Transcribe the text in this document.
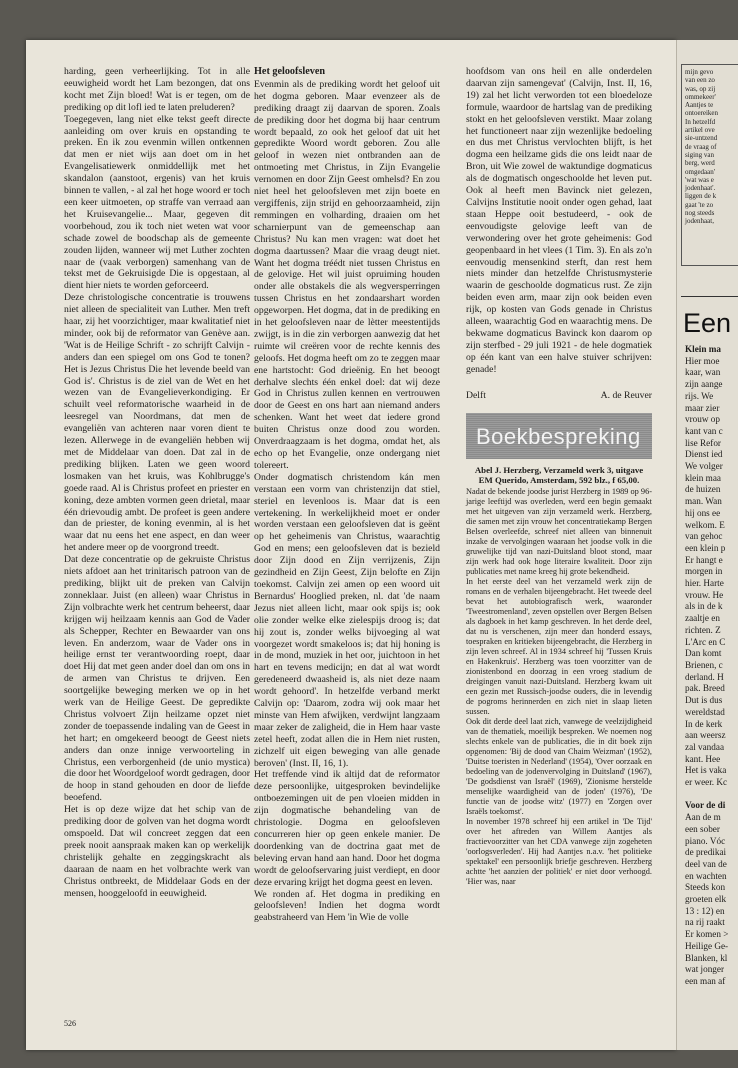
harding, geen verheerlijking. Tot in alle eeuwigheid wordt het Lam bezongen, dat ons kocht met Zijn bloed! Wat is er tegen, om de prediking op dit lofl ied te laten preluderen?

Toegegeven, lang niet elke tekst geeft directe aanleiding om over kruis en opstanding te preken. En ik zou evenmin willen ontkennen dat men er niet wijs aan doet om in het Evangelisatiewerk onmiddellijk met het skandalon (aanstoot, ergenis) van het kruis binnen te vallen, - al zal het hoge woord er toch een keer uitmoeten, op straffe van verraad aan het Kruisevangelie... Maar, gegeven dit voorbehoud, zou ik toch niet weten wat voor schade zowel de boodschap als de gemeente zouden lijden, wanneer wij met Luther zochten naar de (vaak verborgen) samenhang van de tekst met de Gekruisigde Die is opgestaan, al dient hier niets te worden geforceerd.

Deze christologische concentratie is trouwens niet alleen de specialiteit van Luther. Men treft haar, zij het voorzichtiger, maar kwalitatief niet minder, ook bij de reformator van Genève aan. 'Wat is de Heilige Schrift - zo schrijft Calvijn - anders dan een spiegel om ons God te tonen? Het is Jezus Christus Die het levende beeld van God is'. Christus is de ziel van de Wet en het wezen van de Evangelieverkondiging. Er schuilt veel reformatorische waarheid in de leesregel van Noordmans, dat men de evangeliën van achteren naar voren dient te lezen. Allerwege in de evangeliën hebben wij met de Middelaar van doen. Dat zal in de prediking blijken. Laten we geen woord losmaken van het kruis, was Kohlbrugge's goede raad. Al is Christus profeet en priester en koning, deze ambten vormen geen drietal, maar één drievoudig ambt. De profeet is geen andere dan de priester, de koning evenmin, al is het waar dat nu eens het ene aspect, en dan weer het andere meer op de voorgrond treedt.

Dat deze concentratie op de gekruiste Christus niets afdoet aan het trinitarisch patroon van de prediking, blijkt uit de preken van Calvijn zonneklaar. Juist (en alleen) waar Christus in Zijn volbrachte werk het centrum beheerst, daar krijgen wij heilzaam kennis aan God de Vader als Schepper, Rechter en Bewaarder van ons leven. En anderzom, waar de Vader ons in heilige ernst ter verantwoording roept, daar doet Hij dat met geen ander doel dan om ons in de armen van Christus te drijven. Een soortgelijke beweging merken we op in het werk van de Heilige Geest. De gepredikte Christus volvoert Zijn heilzame opzet niet zonder de toepassende indaling van de Geest in het hart; en omgekeerd beoogt de Geest niets anders dan onze innige verwoorteling in Christus, een verborgenheid (de unio mystica) die door het Woordgeloof wordt gedragen, door de hoop in stand gehouden en door de liefde beoefend.

Het is op deze wijze dat het schip van de prediking door de golven van het dogma wordt omspoeld. Dat wil concreet zeggen dat een preek nooit aanspraak maken kan op werkelijk christelijk gehalte en zeggingskracht als daaraan de naam en het volbrachte werk van Christus ontbreekt, de Middelaar Gods en der mensen, hooggeloofd in eeuwigheid.

Het geloofsleven

Evenmin als de prediking wordt het geloof uit het dogma geboren. Maar evenzeer als de prediking draagt zij daarvan de sporen. Zoals de prediking door het dogma bij haar centrum wordt bepaald, zo ook het geloof dat uit het gepredikte Woord wordt geboren. Zou alle geloof in wezen niet ontbranden aan de ontmoeting met Christus, in Zijn Evangelie vernomen en door Zijn Geest omhelsd? En zou niet heel het geloofsleven met zijn boete en vergiffenis, zijn strijd en gehoorzaamheid, zijn remmingen en volharding, draaien om het scharnierpunt van de gemeenschap aan Christus? Nu kan men vragen: wat doet het dogma daartussen? Maar die vraag deugt niet. Want het dogma tréédt niet tussen Christus en de gelovige. Het wil juist opruiming houden onder alle obstakels die als wegversperringen tussen Christus en het zondaarshart worden opgeworpen. Het dogma, dat in de prediking en in het geloofsleven naar de lètter meestentijds zwijgt, is in die zin verborgen aanwezig dat het ruimte wil creëren voor de rechte kennis des geloofs. Het dogma heeft om zo te zeggen maar ene hartstocht: God drieënig. En het beoogt derhalve slechts één enkel doel: dat wij deze God in Christus zullen kennen en vertrouwen door de Geest en ons hart aan niemand anders schenken. Want het weet dat iedere grond buiten Christus onze dood zou worden. Onverdraagzaam is het dogma, omdat het, als echo op het Evangelie, onze ondergang niet tolereert.

Onder dogmatisch christendom kán men verstaan een vorm van christenzijn dat stiel, steriel en levenloos is. Maar dat is een vertekening. In werkelijkheid moet er onder worden verstaan een geloofsleven dat is geënt op het geheimenis van Christus, waarachtig God en mens; een geloofsleven dat is bezield door Zijn dood en Zijn verrijzenis, Zijn gezindheid en Zijn Geest, Zijn belofte en Zijn toekomst. Calvijn zei amen op een woord uit Bernardus' Hooglied preken, nl. dat 'de naam Jezus niet alleen licht, maar ook spijs is; ook olie zonder welke elke zielespijs droog is; dat hij zout is, zonder welks bijvoeging al wat voorgezet wordt smakeloos is; dat hij honing is in de mond, muziek in het oor, juichtoon in het hart en tevens medicijn; en dat al wat wordt geredeneerd dwaasheid is, als niet deze naam wordt gehoord'. In hetzelfde verband merkt Calvijn op: 'Daarom, zodra wij ook maar het minste van Hem afwijken, verdwijnt langzaam maar zeker de zaligheid, die in Hem haar vaste zetel heeft, zodat allen die in Hem niet rusten, zichzelf uit eigen beweging van alle genade beroven' (Inst. II, 16, 1).

Het treffende vind ik altijd dat de reformator deze persoonlijke, uitgesproken bevindelijke ontboezemingen uit de pen vloeien midden in zijn dogmatische behandeling van de christologie. Dogma en geloofsleven concurreren hier op geen enkele manier. De doordenking van de doctrina gaat met de beleving ervan hand aan hand. Door het dogma wordt de geloofservaring juist verdiept, en door deze ervaring krijgt het dogma geest en leven.

We ronden af. Het dogma in prediking en geloofsleven! Indien het dogma wordt geabstraheerd van Hem 'in Wie de volle

hoofdsom van ons heil en alle onderdelen daarvan zijn samengevat' (Calvijn, Inst. II, 16, 19) zal het licht verworden tot een bloedeloze formule, waardoor de hartslag van de prediking stokt en het geloofsleven verstikt. Maar zolang het functioneert naar zijn wezenlijke bedoeling en dus met Christus vervlochten blijft, is het dogma een heilzame gids die ons leidt naar de Bron, uit Wie zowel de waktundige dogmaticus als de dogmatisch ongeschoolde het leven put. Ook al heeft men Bavinck niet gelezen, Calvijns Institutie nooit onder ogen gehad, laat staan Heppe ooit bestudeerd, - ook de eenvoudigste gelovige leeft van de verwondering over het grote geheimenis: God geopenbaard in het vlees (1 Tim. 3). En als zo'n eenvoudig mensenkind sterft, dan rest hem niets minder dan hetzelfde Christusmysterie waarin de geschoolde dogmaticus rust. Ze zijn beiden even arm, maar zijn ook beiden even rijk, op kosten van Gods genade in Christus alleen, waarachtig God en waarachtig mens. De bekwame dogmaticus Bavinck kon daarom op zijn sterfbed - 29 juli 1921 - de hele dogmatiek op één kant van een halve stuiver schrijven: genade!

Delft	A. de Reuver
Boekbespreking
Abel J. Herzberg, Verzameld werk 3, uitgave EM Querido, Amsterdam, 592 blz., f 65,00.

Nadat de bekende joodse jurist Herzberg in 1989 op 96-jarige leeftijd was overleden, werd een begin gemaakt met het uitgeven van zijn verzameld werk. Herzberg, die samen met zijn vrouw het concentratiekamp Bergen Belsen overleefde, schreef niet alleen van binnenuit inzake de vervolgingen waaraan het joodse volk in die gruwelijke tijd van nazi-Duitsland bloot stond, maar zijn werk had ook hoge literaire kwaliteit. Door zijn publicaties met name kreeg hij grote bekendheid.

In het eerste deel van het verzameld werk zijn de romans en de verhalen bijeengebracht. Het tweede deel bevat het autobiografisch werk, waaronder 'Tweestromenland', zeven opstellen over Bergen Belsen als dagboek in het kamp geschreven. In het derde deel, dat nu is verschenen, zijn meer dan honderd essays, toespraken en kritieken bijeengebracht, die Herzberg in zijn leven schreef. Al in 1934 schreef hij 'Tussen Kruis en Hakenkruis'. Herzberg was toen voorzitter van de zionistenbond en doorzag in een vroeg stadium de dreigingen vanuit nazi-Duitsland. Herzberg kwam uit een gezin met Russisch-joodse ouders, die in levendig de pogroms herinnerden en zich niet in slaap lieten sussen.

Ook dit derde deel laat zich, vanwege de veelzijdigheid van de thematiek, moeilijk bespreken. We noemen nog slechts enkele van de publicaties, die in dit boek zijn opgenomen: 'Bij de dood van Chaim Weizman' (1952), 'Duitse toeristen in Nederland' (1954), 'Over oorzaak en bedoeling van de jodenvervolging in Duitsland' (1967), 'De godsdienst van Israël' (1969), 'Zionisme herstelde menselijke waardigheid van de joden' (1976), 'De functie van de joodse witz' (1977) en 'Zorgen over Israëls toekomst'.

In november 1978 schreef hij een artikel in 'De Tijd' over het aftreden van Willem Aantjes als fractievoorzitter van het CDA vanwege zijn zogeheten 'oorlogsverleden'. Hij had Aantjes n.a.v. 'het politieke spektakel' een persoonlijk briefje geschreven. Herzberg achtte 'het aanzien der politiek' er niet door verhoogd. 'Hier was, naar

526
mijn gevo
van een zo
was, op zij
ommekeer'
Aantjes te
ontoereiken
In hetzelfd
artikel ove
sie-untzend
de vraag of
siging van
berg, werd
omgedaan'
'wat was e
jodenhaat'.
liggen de k
gaat 'te zo
nog steeds
jodenhaat,
Een
Klein ma
Hier moe
kaar, wan
zijn aange
rijs. We
maar zier
vrouw op
kant van c
lise Refor
Dienst ied
We volger
klein maa
de huizen
man. Wan
hij ons ee
welkom. E
van gehoc
een klein p
Er hangt e
morgen in
hier. Harte
vrouw. He
als in de k
zaaltje en
richten. Z
L'Arc en C
Dan komt
Brienen, c
derland. H
pak. Breed
Dut is dus
wereldstad
In de kerk
aan weersz
zal vandaa
kant. Hee
Het is vaka
er weer. Kc

Voor de di
Aan de m
een sober
piano. Vóc
de predikai
deel van de
en wachten
Steeds kon
groeten elk
13 : 12) en
na rij raakt
Er komen >
Heilige Ge-
Blanken, kl
wat jonger
een man af
